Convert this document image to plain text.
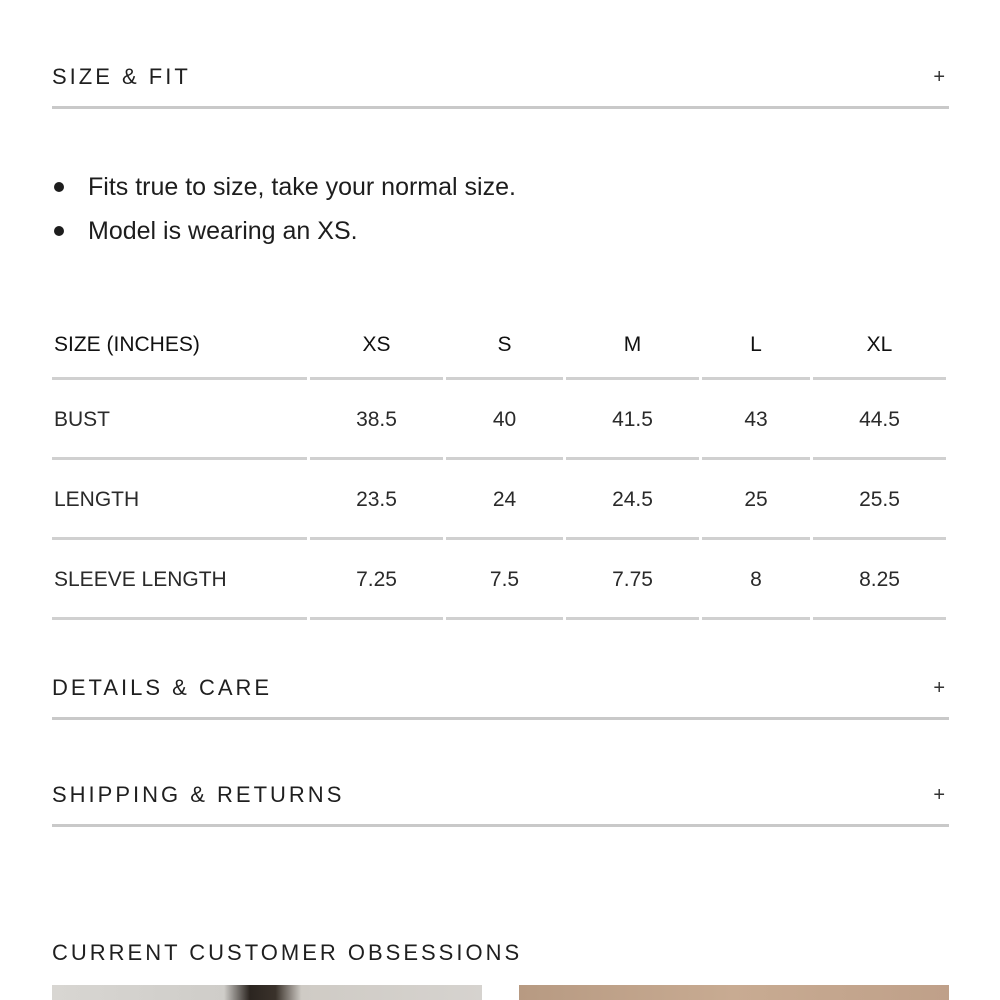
SIZE & FIT	+
Fits true to size, take your normal size.
Model is wearing an XS.
SIZE (INCHES)	XS	S	M	L	XL
BUST	38.5	40	41.5	43	44.5
LENGTH	23.5	24	24.5	25	25.5
SLEEVE LENGTH	7.25	7.5	7.75	8	8.25
DETAILS & CARE	+
SHIPPING & RETURNS	+
CURRENT CUSTOMER OBSESSIONS
